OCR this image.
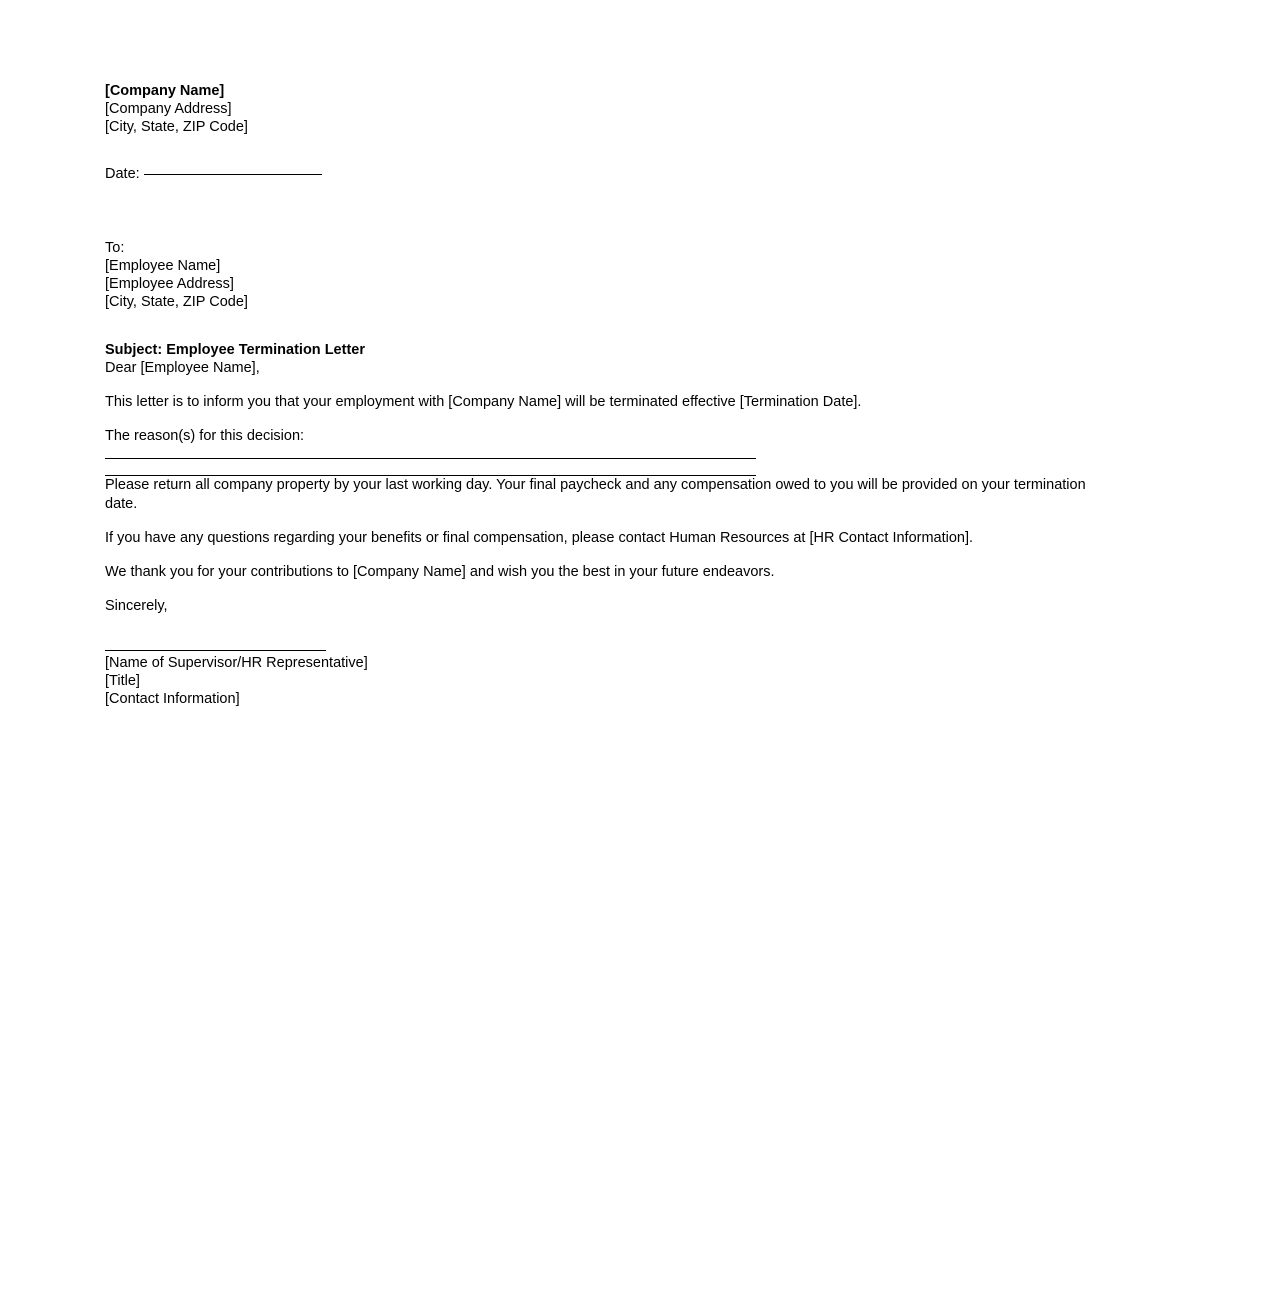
[Company Name]
[Company Address]
[City, State, ZIP Code]
Date:
To:
[Employee Name]
[Employee Address]
[City, State, ZIP Code]
Subject: Employee Termination Letter

Dear [Employee Name],

This letter is to inform you that your employment with [Company Name] will be terminated effective [Termination Date].

The reason(s) for this decision:

Please return all company property by your last working day. Your final paycheck and any compensation owed to you will be provided on your termination date.

If you have any questions regarding your benefits or final compensation, please contact Human Resources at [HR Contact Information].

We thank you for your contributions to [Company Name] and wish you the best in your future endeavors.

Sincerely,

[Name of Supervisor/HR Representative]
[Title]
[Contact Information]
